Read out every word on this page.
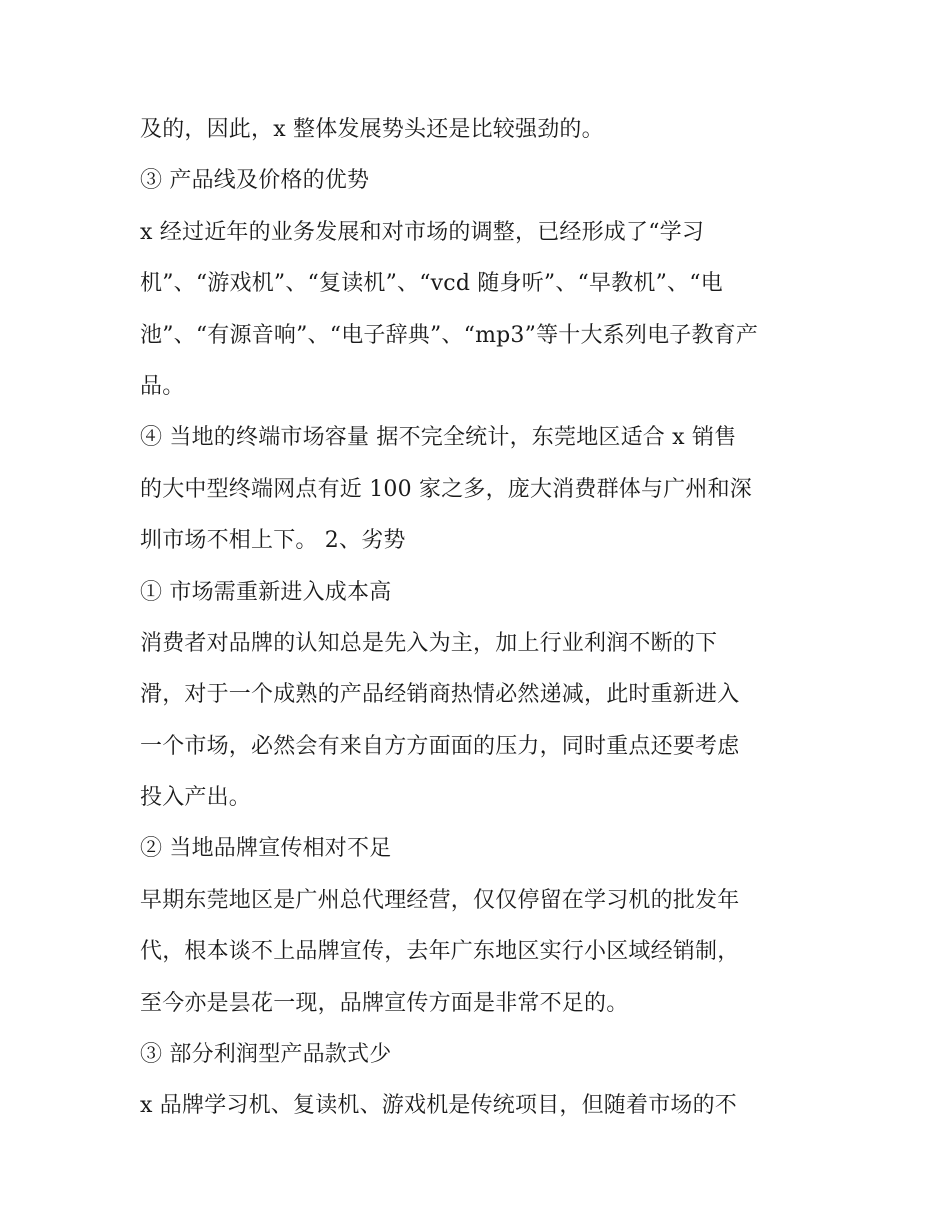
及的，因此，x 整体发展势头还是比较强劲的。
③ 产品线及价格的优势
x 经过近年的业务发展和对市场的调整，已经形成了“学习
机”、“游戏机”、“复读机”、“vcd 随身听”、“早教机”、“电
池”、“有源音响”、“电子辞典”、“mp3”等十大系列电子教育产
品。
④ 当地的终端市场容量 据不完全统计，东莞地区适合 x 销售
的大中型终端网点有近 100 家之多，庞大消费群体与广州和深
圳市场不相上下。 2、劣势
① 市场需重新进入成本高
消费者对品牌的认知总是先入为主，加上行业利润不断的下
滑，对于一个成熟的产品经销商热情必然递减，此时重新进入
一个市场，必然会有来自方方面面的压力，同时重点还要考虑
投入产出。
② 当地品牌宣传相对不足
早期东莞地区是广州总代理经营，仅仅停留在学习机的批发年
代，根本谈不上品牌宣传，去年广东地区实行小区域经销制，
至今亦是昙花一现，品牌宣传方面是非常不足的。
③ 部分利润型产品款式少
x 品牌学习机、复读机、游戏机是传统项目，但随着市场的不
